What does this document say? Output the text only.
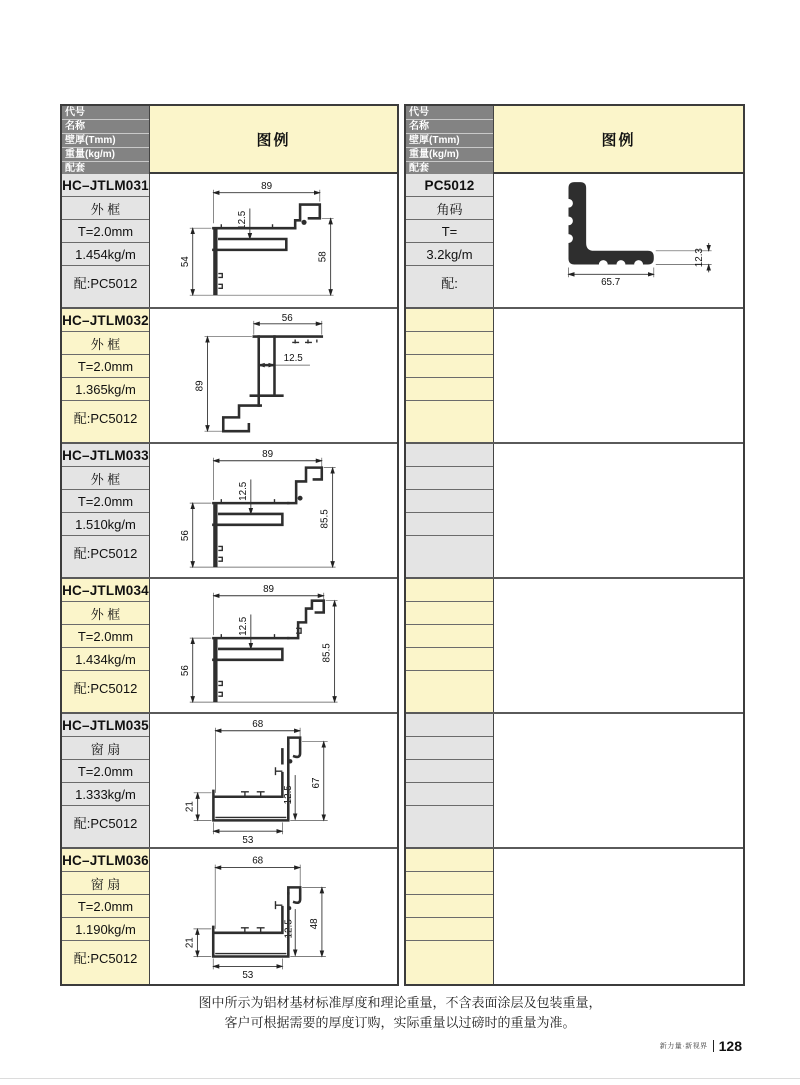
代号
名称
壁厚(Tmm)
重量(kg/m)
配套
图例
HC–JTLM031
外 框
T=2.0mm
1.454kg/m
配:PC5012
89
12.5
54	58
HC–JTLM032
外 框
T=2.0mm
1.365kg/m
配:PC5012
56
12.5
89
HC–JTLM033
外 框
T=2.0mm
1.510kg/m
配:PC5012
89
12.5
56
85.5
HC–JTLM034
外 框
T=2.0mm
1.434kg/m
配:PC5012
89
12.5
56
85.5
HC–JTLM035
窗 扇
T=2.0mm
1.333kg/m
配:PC5012
68
67
12.5
21
53
HC–JTLM036
窗 扇
T=2.0mm
1.190kg/m
配:PC5012
68
48
12.5
21
53
代号
名称
壁厚(Tmm)
重量(kg/m)
配套
图例
PC5012
角码
T=
3.2kg/m
配:	65.7
12.3
图中所示为铝材基材标准厚度和理论重量，不含表面涂层及包装重量，
客户可根据需要的厚度订购，实际重量以过磅时的重量为准。
新力量·新视界 128
